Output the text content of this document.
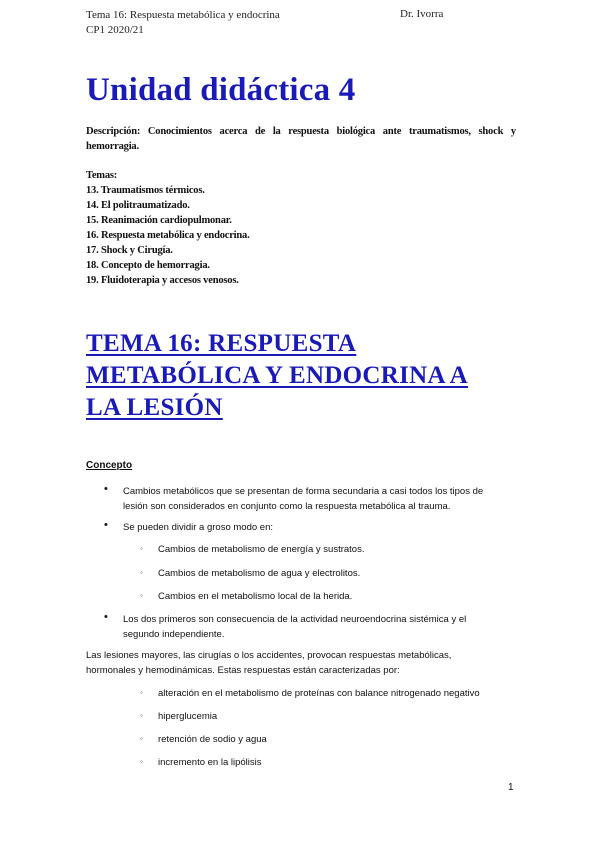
Tema 16: Respuesta metabólica y endocrina
CP1 2020/21
Dr. Ivorra
Unidad didáctica 4
Descripción: Conocimientos acerca de la respuesta biológica ante traumatismos, shock y hemorragia.
Temas:
13. Traumatismos térmicos.
14. El politraumatizado.
15. Reanimación cardiopulmonar.
16. Respuesta metabólica y endocrina.
17. Shock y Cirugía.
18. Concepto de hemorragia.
19. Fluidoterapia y accesos venosos.
TEMA 16: RESPUESTA
METABÓLICA Y ENDOCRINA A
LA LESIÓN
Concepto
• Cambios metabólicos que se presentan de forma secundaria a casi todos los tipos de
lesión son considerados en conjunto como la respuesta metabólica al trauma.
• Se pueden dividir a groso modo en:
◦ Cambios de metabolismo de energía y sustratos.
◦ Cambios de metabolismo de agua y electrolitos.
◦ Cambios en el metabolismo local de la herida.
• Los dos primeros son consecuencia de la actividad neuroendocrina sistémica y el
segundo independiente.
Las lesiones mayores, las cirugías o los accidentes, provocan respuestas metabólicas,
hormonales y hemodinámicas. Estas respuestas están caracterizadas por:
◦ alteración en el metabolismo de proteínas con balance nitrogenado negativo
◦ hiperglucemia
◦ retención de sodio y agua
◦ incremento en la lipólisis
1
